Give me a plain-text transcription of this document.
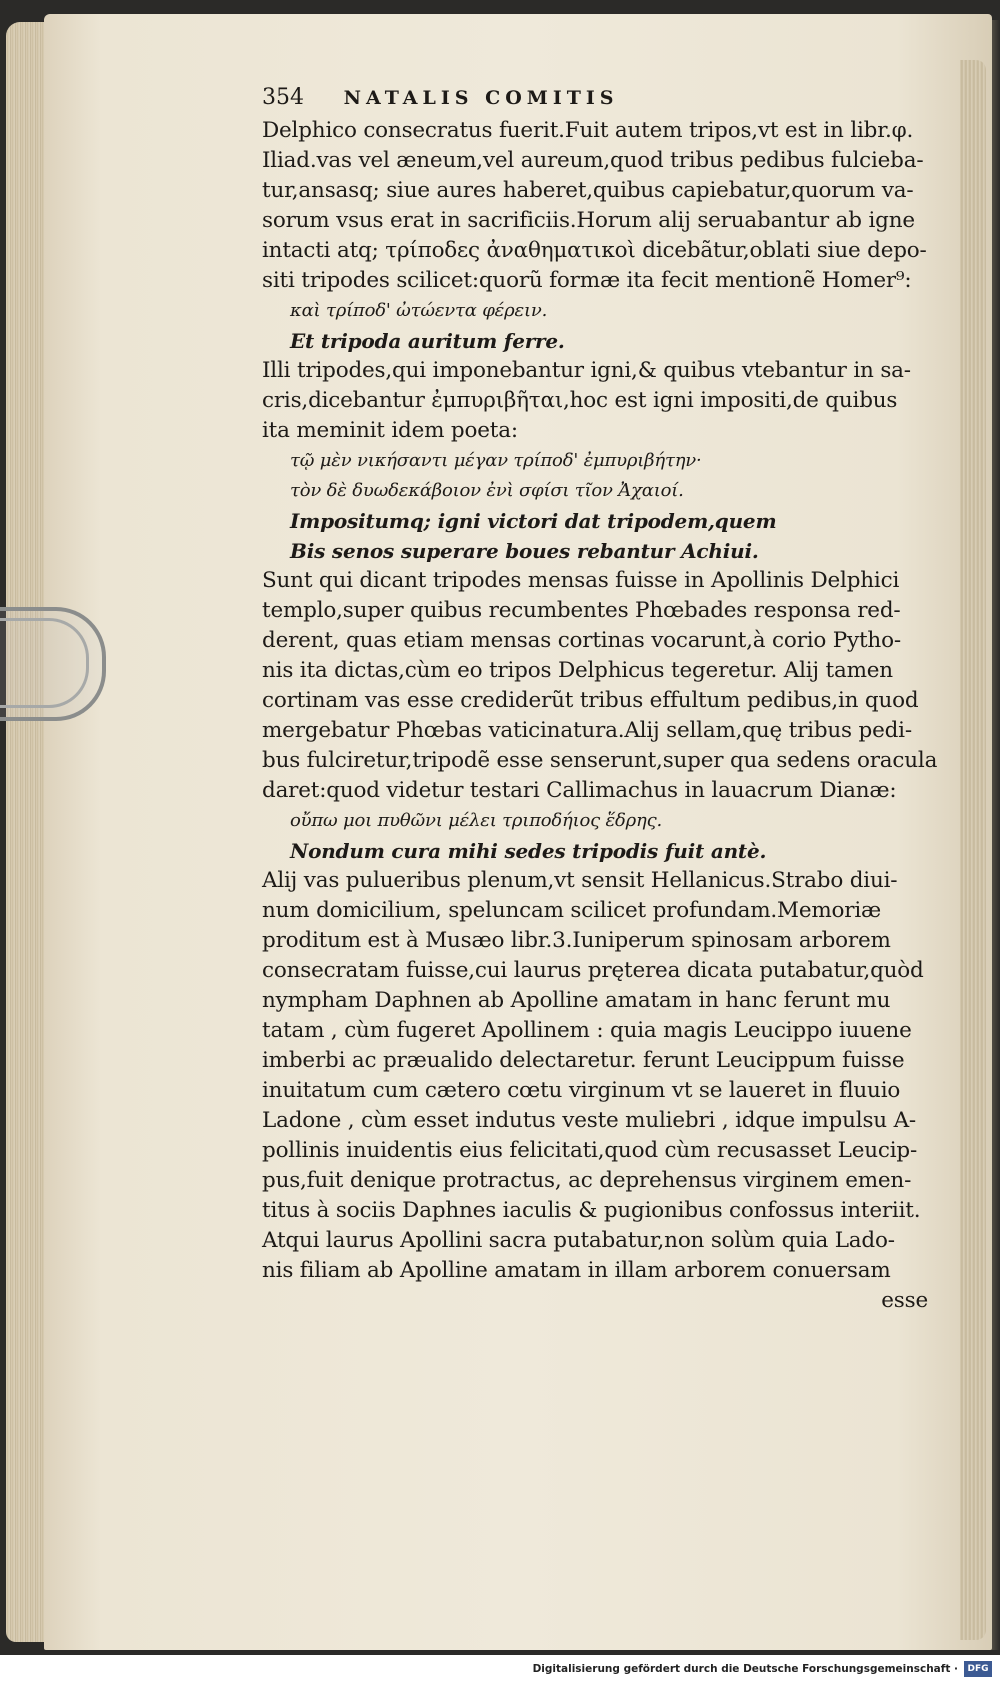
354 NATALIS COMITIS
Delphico consecratus fuerit.Fuit autem tripos,vt est in libr.φ.
Iliad.vas vel æneum,vel aureum,quod tribus pedibus fulcieba-
tur,ansasq; siue aures haberet,quibus capiebatur,quorum va-
sorum vsus erat in sacrificiis.Horum alij seruabantur ab igne
intacti atq; τρίποδες ἀναθηματικοὶ dicebãtur,oblati siue depo-
siti tripodes scilicet:quorũ formæ ita fecit mentionẽ Homer⁹:
καὶ τρίποδ' ὠτώεντα φέρειν.
Et tripoda auritum ferre.
Illi tripodes,qui imponebantur igni,& quibus vtebantur in sa-
cris,dicebantur ἐμπυριβῆται,hoc est igni impositi,de quibus
ita meminit idem poeta:
τῷ μὲν νικήσαντι μέγαν τρίποδ' ἐμπυριβήτην·
τὸν δὲ δυωδεκάβοιον ἐνὶ σφίσι τῖον Ἀχαιοί.
Impositumq; igni victori dat tripodem,quem
Bis senos superare boues rebantur Achiui.
Sunt qui dicant tripodes mensas fuisse in Apollinis Delphici
templo,super quibus recumbentes Phœbades responsa red-
derent, quas etiam mensas cortinas vocarunt,à corio Pytho-
nis ita dictas,cùm eo tripos Delphicus tegeretur. Alij tamen
cortinam vas esse crediderũt tribus effultum pedibus,in quod
mergebatur Phœbas vaticinatura.Alij sellam,quę tribus pedi-
bus fulciretur,tripodẽ esse senserunt,super qua sedens oracula
daret:quod videtur testari Callimachus in lauacrum Dianæ:
οὔπω μοι πυθῶνι μέλει τριποδήιος ἕδρης.
Nondum cura mihi sedes tripodis fuit antè.
Alij vas pulueribus plenum,vt sensit Hellanicus.Strabo diui-
num domicilium, speluncam scilicet profundam.Memoriæ
proditum est à Musæo libr.3.Iuniperum spinosam arborem
consecratam fuisse,cui laurus pręterea dicata putabatur,quòd
nympham Daphnen ab Apolline amatam in hanc ferunt mu
tatam , cùm fugeret Apollinem : quia magis Leucippo iuuene
imberbi ac præualido delectaretur. ferunt Leucippum fuisse
inuitatum cum cætero cœtu virginum vt se laueret in fluuio
Ladone , cùm esset indutus veste muliebri , idque impulsu A-
pollinis inuidentis eius felicitati,quod cùm recusasset Leucip-
pus,fuit denique protractus, ac deprehensus virginem emen-
titus à sociis Daphnes iaculis & pugionibus confossus interiit.
Atqui laurus Apollini sacra putabatur,non solùm quia Lado-
nis filiam ab Apolline amatam in illam arborem conuersam
esse
Digitalisierung gefördert durch die Deutsche Forschungsgemeinschaft ·	DFG
